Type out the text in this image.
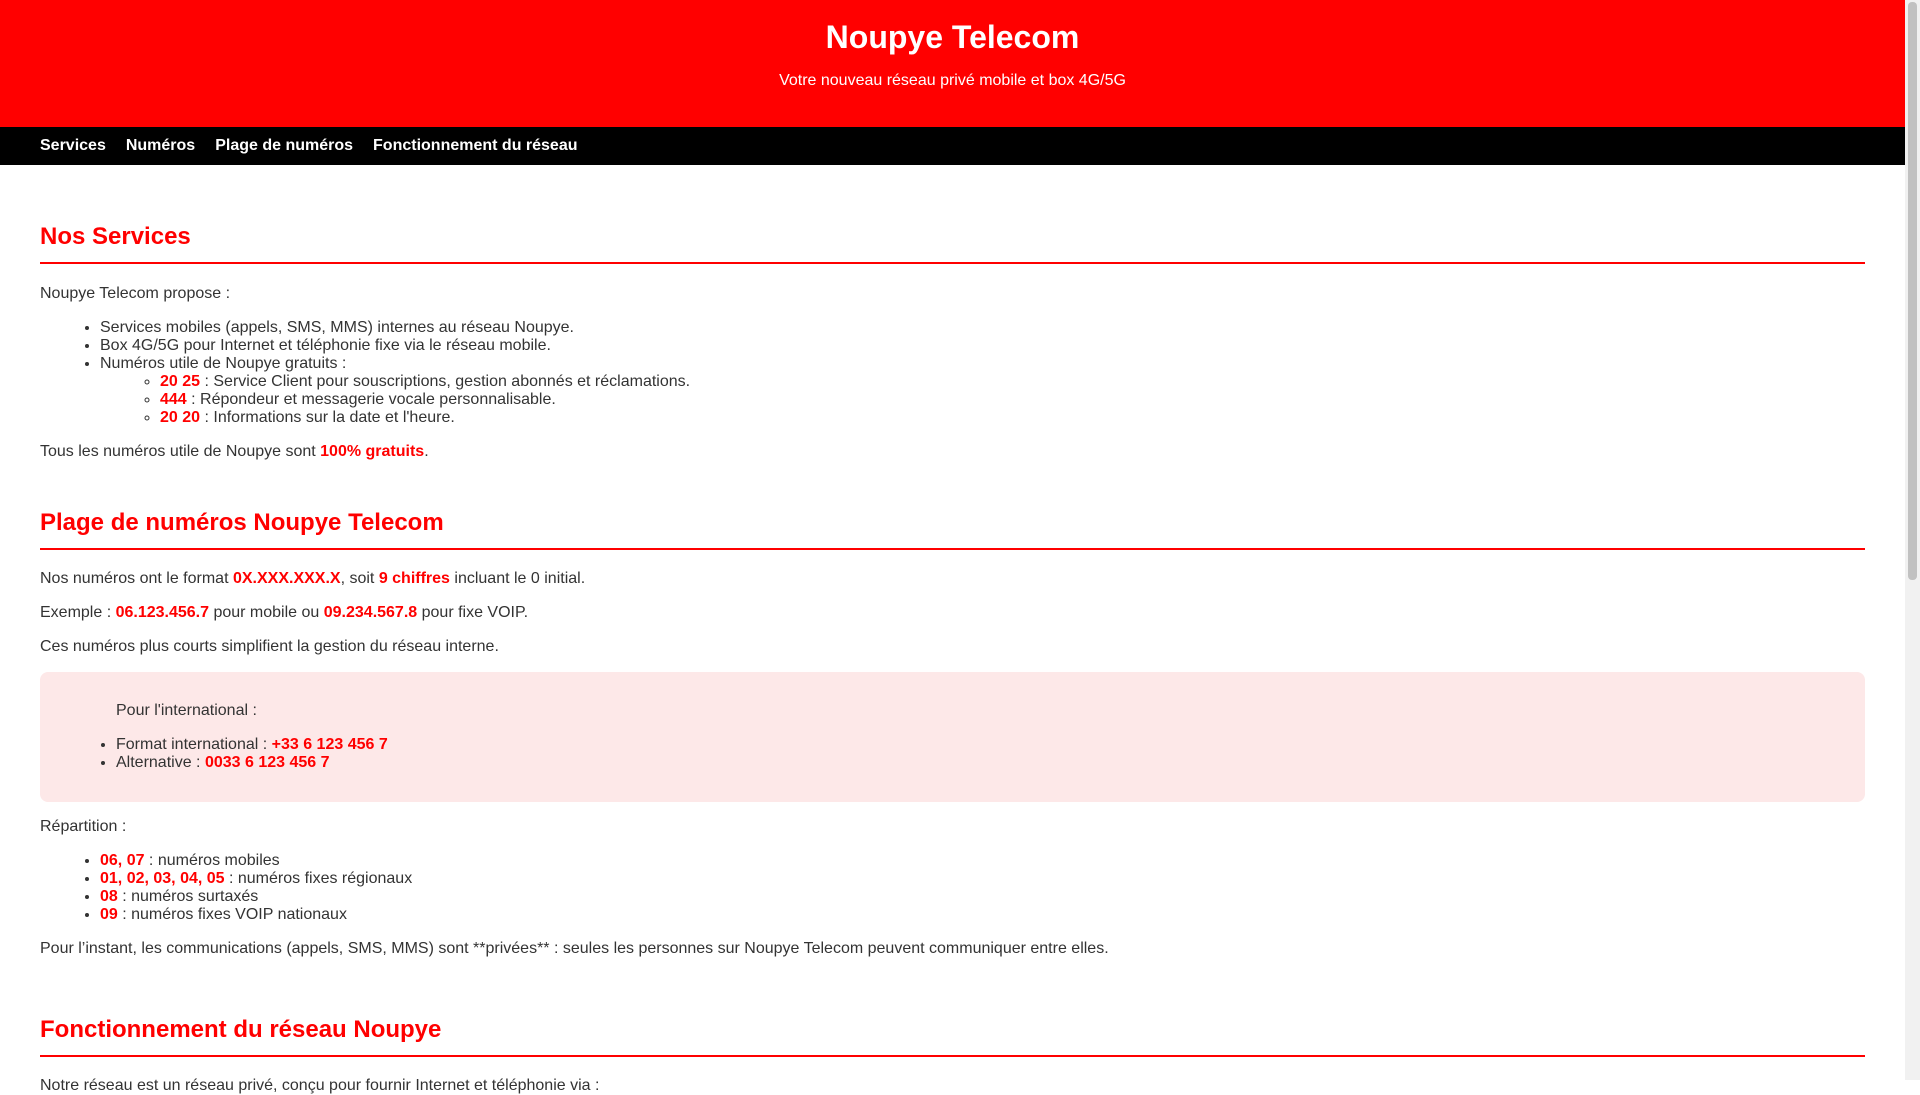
Noupye Telecom

Votre nouveau réseau privé mobile et box 4G/5G

Services Numéros Plage de numéros Fonctionnement du réseau
Nos Services

Noupye Telecom propose :

• Services mobiles (appels, SMS, MMS) internes au réseau Noupye.
• Box 4G/5G pour Internet et téléphonie fixe via le réseau mobile.
• Numéros utile de Noupye gratuits :
◦ 20 25 : Service Client pour souscriptions, gestion abonnés et réclamations.
◦ 444 : Répondeur et messagerie vocale personnalisable.
◦ 20 20 : Informations sur la date et l'heure.

Tous les numéros utile de Noupye sont 100% gratuits.

Plage de numéros Noupye Telecom

Nos numéros ont le format 0X.XXX.XXX.X, soit 9 chiffres incluant le 0 initial.

Exemple : 06.123.456.7 pour mobile ou 09.234.567.8 pour fixe VOIP.

Ces numéros plus courts simplifient la gestion du réseau interne.

Pour l'international :

• Format international : +33 6 123 456 7
• Alternative : 0033 6 123 456 7

Répartition :

• 06, 07 : numéros mobiles
• 01, 02, 03, 04, 05 : numéros fixes régionaux
• 08 : numéros surtaxés
• 09 : numéros fixes VOIP nationaux

Pour l’instant, les communications (appels, SMS, MMS) sont **privées** : seules les personnes sur Noupye Telecom peuvent communiquer entre elles.

Fonctionnement du réseau Noupye

Notre réseau est un réseau privé, conçu pour fournir Internet et téléphonie via :
